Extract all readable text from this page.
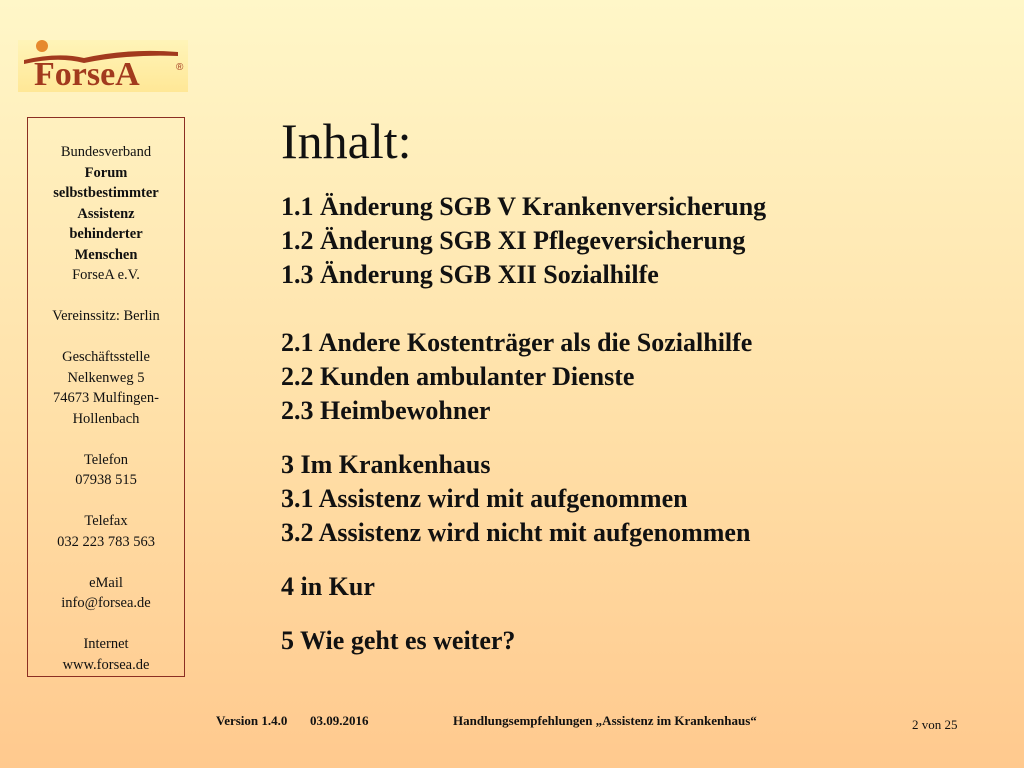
ForseA	®
Bundesverband
Forum
selbstbestimmter
Assistenz
behinderter
Menschen
ForseA e.V.
Vereinssitz: Berlin
Geschäftsstelle
Nelkenweg 5
74673 Mulfingen-
Hollenbach
Telefon
07938 515
Telefax
032 223 783 563
eMail
info@forsea.de
Internet
www.forsea.de
Inhalt:
1.1 Änderung SGB V Krankenversicherung
1.2 Änderung SGB XI Pflegeversicherung
1.3 Änderung SGB XII Sozialhilfe
2.1 Andere Kostenträger als die Sozialhilfe
2.2 Kunden ambulanter Dienste
2.3 Heimbewohner
3 Im Krankenhaus
3.1 Assistenz wird mit aufgenommen
3.2 Assistenz wird nicht mit aufgenommen
4 in Kur
5 Wie geht es weiter?
Version 1.4.0 03.09.2016	Handlungsempfehlungen „Assistenz im Krankenhaus“	2 von 25
